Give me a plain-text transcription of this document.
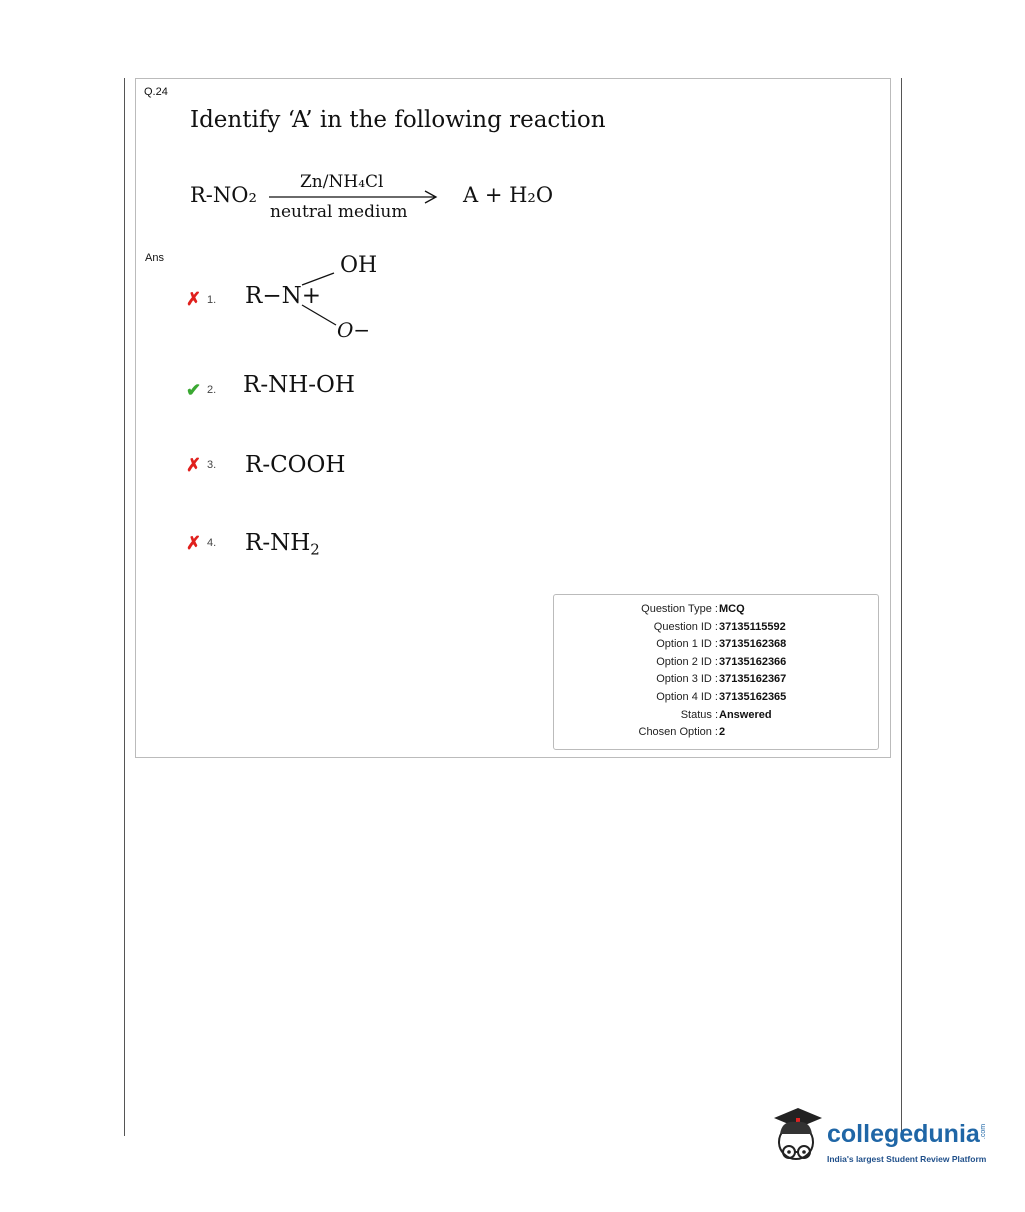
Q.24
Identify ‘A’ in the following reaction
R-NO₂
Zn/NH₄Cl
neutral medium
A + H₂O
Ans
✗ 1. R−N+
OH
O−
✔ 2. R-NH-OH
✗ 3. R-COOH
✗ 4. $R-NH_2$
Question Type : MCQ
Question ID : 37135115592
Option 1 ID : 37135162368
Option 2 ID : 37135162366
Option 3 ID : 37135162367
Option 4 ID : 37135162365
Status : Answered
Chosen Option : 2
collegedunia .com
India's largest Student Review Platform
